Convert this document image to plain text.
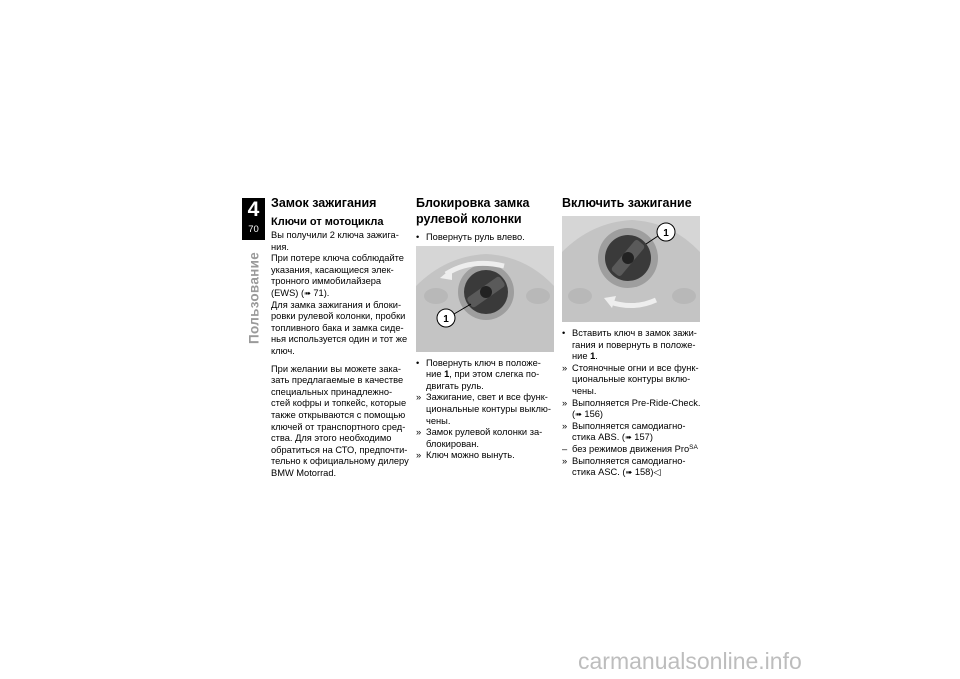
4
70
Пользование
Замок зажигания
Ключи от мотоцикла

Вы получили 2 ключа зажига-ния.

При потере ключа соблюдайте указания, касающиеся элек-тронного иммобилайзера (EWS) (➠ 71).

Для замка зажигания и блоки-ровки рулевой колонки, пробки топливного бака и замка сиде-нья используется один и тот же ключ.

При желании вы можете зака-зать предлагаемые в качестве специальных принадлежно-стей кофры и топкейс, которые также открываются с помощью ключей от транспортного сред-ства. Для этого необходимо обратиться на СТО, предпочти-тельно к официальному дилеру BMW Motorrad.

Блокировка замка рулевой колонки
• Повернуть руль влево.
1
• Повернуть ключ в положе-ние 1, при этом слегка по-двигать руль.
» Зажигание, свет и все функ-циональные контуры выклю-чены.
» Замок рулевой колонки за-блокирован.
» Ключ можно вынуть.
Включить зажигание
1
• Вставить ключ в замок зажи-гания и повернуть в положе-ние 1.
» Стояночные огни и все функ-циональные контуры вклю-чены.
» Выполняется Pre-Ride-Check.
(➠ 156)
» Выполняется самодиагно-стика ABS. (➠ 157)
– без режимов движения Pro$^{SA}$
» Выполняется самодиагно-стика ASC. (➠ 158)◁
carmanualsonline.info
